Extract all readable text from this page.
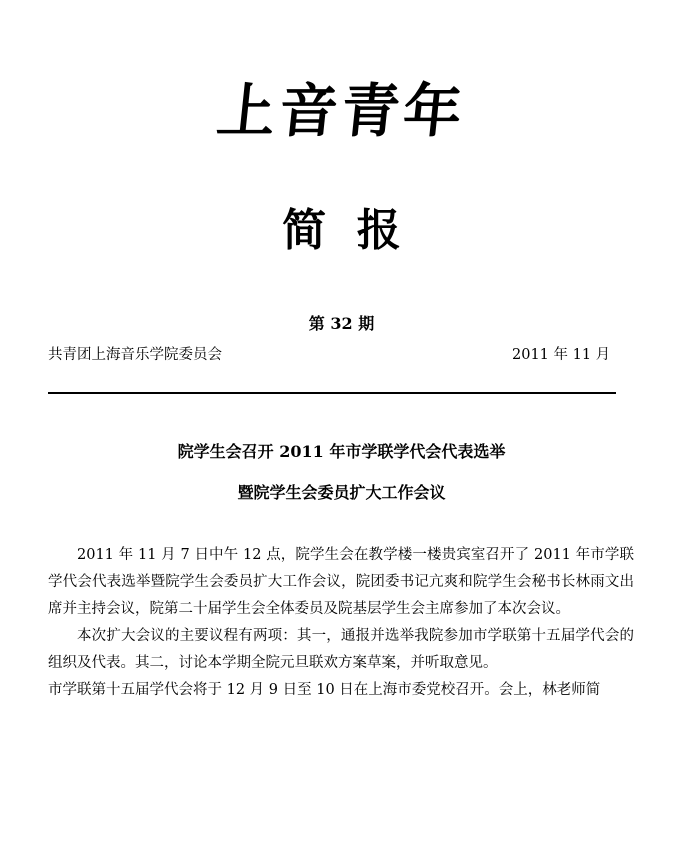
上音青年
简  报
第 32 期
共青团上海音乐学院委员会	2011 年 11 月
院学生会召开 2011 年市学联学代会代表选举
暨院学生会委员扩大工作会议

2011 年 11 月 7 日中午 12 点，院学生会在教学楼一楼贵宾室召开了 2011 年市学联学代会代表选举暨院学生会委员扩大工作会议，院团委书记亢爽和院学生会秘书长林雨文出席并主持会议，院第二十届学生会全体委员及院基层学生会主席参加了本次会议。

本次扩大会议的主要议程有两项：其一，通报并选举我院参加市学联第十五届学代会的组织及代表。其二，讨论本学期全院元旦联欢方案草案，并听取意见。

市学联第十五届学代会将于 12 月 9 日至 10 日在上海市委党校召开。会上，林老师简
